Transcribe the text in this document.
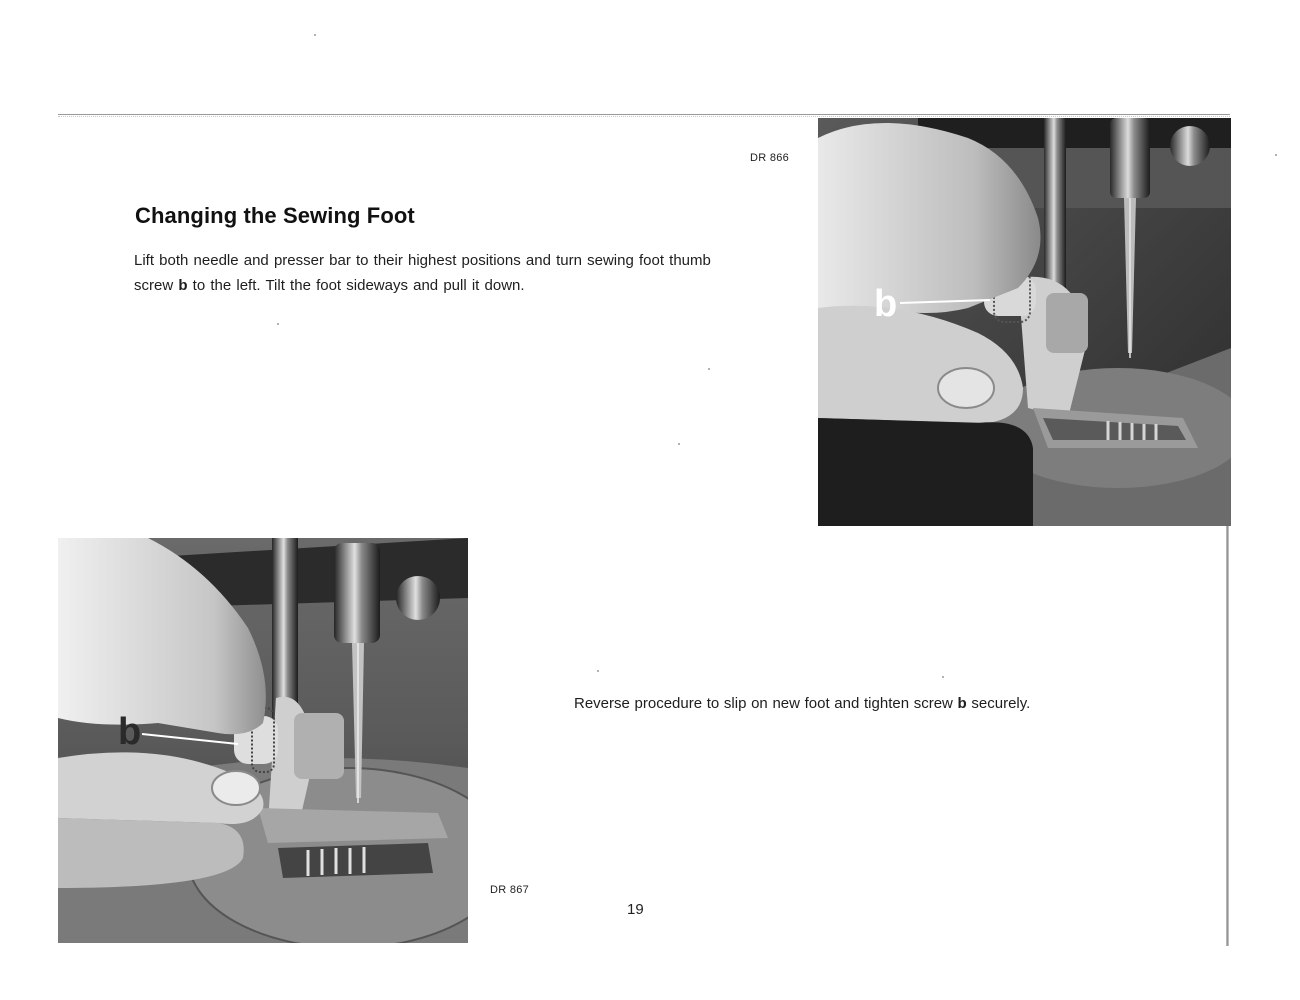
DR 866
Changing the Sewing Foot

Lift both needle and presser bar to their highest positions and turn sewing foot thumb screw b to the left. Tilt the foot sideways and pull it down.	b
b
DR 867

Reverse procedure to slip on new foot and tighten screw b securely.

19
